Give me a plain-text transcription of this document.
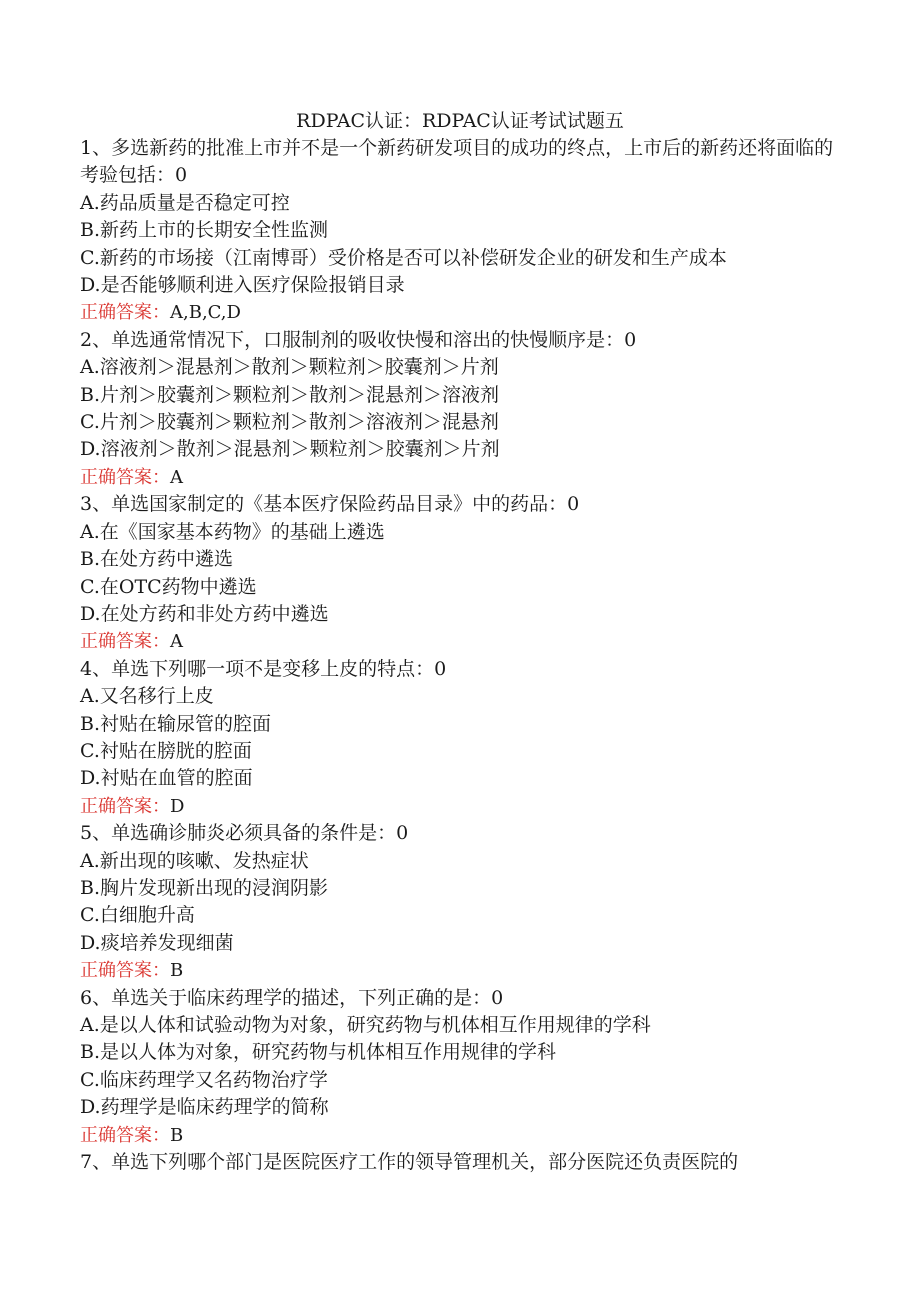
RDPAC认证：RDPAC认证考试试题五
1、多选新药的批准上市并不是一个新药研发项目的成功的终点，上市后的新药还将面临的考验包括：0
A.药品质量是否稳定可控
B.新药上市的长期安全性监测
C.新药的市场接（江南博哥）受价格是否可以补偿研发企业的研发和生产成本
D.是否能够顺利进入医疗保险报销目录
正确答案：A,B,C,D
2、单选通常情况下，口服制剂的吸收快慢和溶出的快慢顺序是：0
A.溶液剂＞混悬剂＞散剂＞颗粒剂＞胶囊剂＞片剂
B.片剂＞胶囊剂＞颗粒剂＞散剂＞混悬剂＞溶液剂
C.片剂＞胶囊剂＞颗粒剂＞散剂＞溶液剂＞混悬剂
D.溶液剂＞散剂＞混悬剂＞颗粒剂＞胶囊剂＞片剂
正确答案：A
3、单选国家制定的《基本医疗保险药品目录》中的药品：0
A.在《国家基本药物》的基础上遴选
B.在处方药中遴选
C.在OTC药物中遴选
D.在处方药和非处方药中遴选
正确答案：A
4、单选下列哪一项不是变移上皮的特点：0
A.又名移行上皮
B.衬贴在输尿管的腔面
C.衬贴在膀胱的腔面
D.衬贴在血管的腔面
正确答案：D
5、单选确诊肺炎必须具备的条件是：0
A.新出现的咳嗽、发热症状
B.胸片发现新出现的浸润阴影
C.白细胞升高
D.痰培养发现细菌
正确答案：B
6、单选关于临床药理学的描述，下列正确的是：0
A.是以人体和试验动物为对象，研究药物与机体相互作用规律的学科
B.是以人体为对象，研究药物与机体相互作用规律的学科
C.临床药理学又名药物治疗学
D.药理学是临床药理学的简称
正确答案：B
7、单选下列哪个部门是医院医疗工作的领导管理机关，部分医院还负责医院的
